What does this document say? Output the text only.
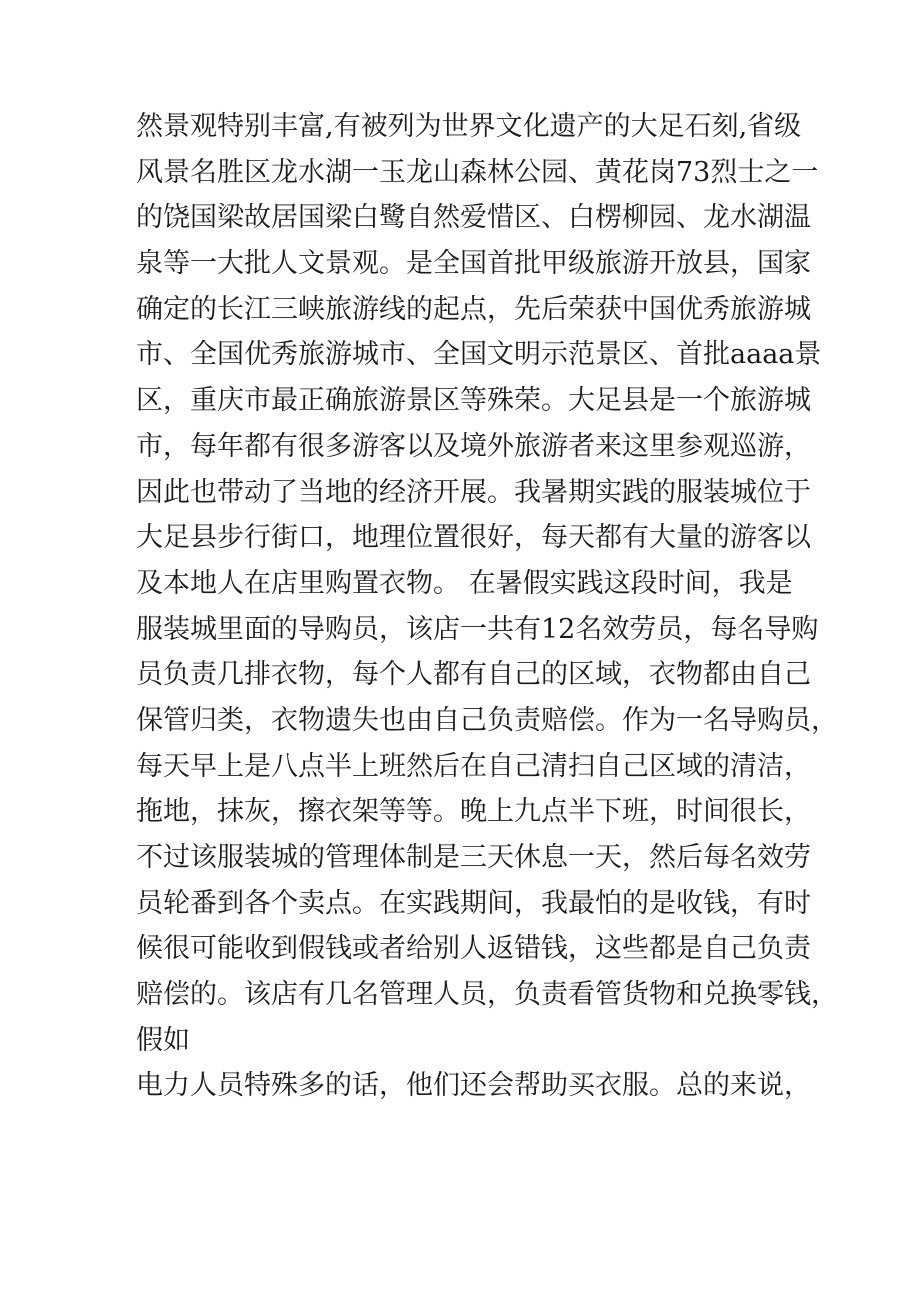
然景观特别丰富,有被列为世界文化遗产的大足石刻,省级
风景名胜区龙水湖一玉龙山森林公园、黄花岗73烈士之一
的饶国梁故居国梁白鹭自然爱惜区、白楞柳园、龙水湖温
泉等一大批人文景观。是全国首批甲级旅游开放县，国家
确定的长江三峡旅游线的起点，先后荣获中国优秀旅游城
市、全国优秀旅游城市、全国文明示范景区、首批aaaa景
区，重庆市最正确旅游景区等殊荣。大足县是一个旅游城
市，每年都有很多游客以及境外旅游者来这里参观巡游，
因此也带动了当地的经济开展。我暑期实践的服装城位于
大足县步行街口，地理位置很好，每天都有大量的游客以
及本地人在店里购置衣物。 在暑假实践这段时间，我是
服装城里面的导购员，该店一共有12名效劳员，每名导购
员负责几排衣物，每个人都有自己的区域，衣物都由自己
保管归类，衣物遗失也由自己负责赔偿。作为一名导购员，
每天早上是八点半上班然后在自己清扫自己区域的清洁，
拖地，抹灰，擦衣架等等。晚上九点半下班，时间很长，
不过该服装城的管理体制是三天休息一天，然后每名效劳
员轮番到各个卖点。在实践期间，我最怕的是收钱，有时
候很可能收到假钱或者给别人返错钱，这些都是自己负责
赔偿的。该店有几名管理人员，负责看管货物和兑换零钱，
假如
电力人员特殊多的话，他们还会帮助买衣服。总的来说，
